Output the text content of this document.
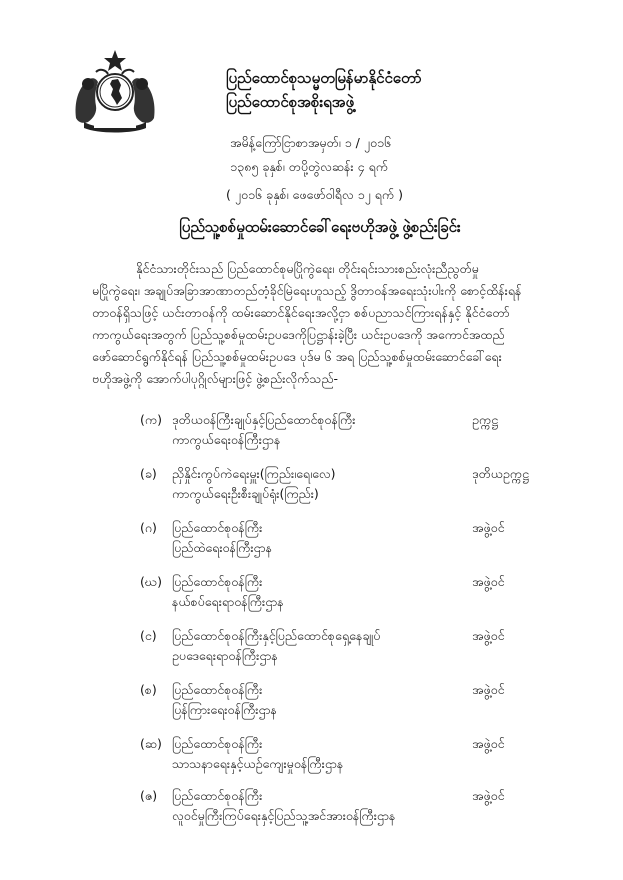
ပြည်ထောင်စုသမ္မတမြန်မာနိုင်ငံတော်
ပြည်ထောင်စုအစိုးရအဖွဲ့
အမိန့်ကြော်ငြာစာအမှတ်၊ ၁ / ၂၀၁၆
၁၃၈၅ ခုနှစ်၊ တပို့တွဲလဆန်း ၄ ရက်
( ၂၀၁၆ ခုနှစ်၊ ဖေဖော်ဝါရီလ ၁၂ ရက် )
ပြည်သူ့စစ်မှုထမ်းဆောင်ခေါ်ရေးဗဟိုအဖွဲ့ ဖွဲ့စည်းခြင်း
နိုင်ငံသားတိုင်းသည် ပြည်ထောင်စုမပြိုကွဲရေး၊ တိုင်းရင်းသားစည်းလုံးညီညွတ်မှု
မပြိုကွဲရေး၊ အချုပ်အခြာအာဏာတည်တံ့ခိုင်မြဲရေးဟူသည့် ဒွိတာဝန်အရေးသုံးပါးကို စောင့်ထိန်းရန်
တာဝန်ရှိသဖြင့် ယင်းတာဝန်ကို ထမ်းဆောင်နိုင်ရေးအလို့ငှာ စစ်ပညာသင်ကြားရန်နှင့် နိုင်ငံတော်
ကာကွယ်ရေးအတွက် ပြည်သူ့စစ်မှုထမ်းဥပဒေကိုပြဋ္ဌာန်းခဲ့ပြီး ယင်းဥပဒေကို အကောင်အထည်
ဖော်ဆောင်ရွက်နိုင်ရန် ပြည်သူ့စစ်မှုထမ်းဥပဒေ ပုဒ်မ ၆ အရ ပြည်သူ့စစ်မှုထမ်းဆောင်ခေါ်ရေး
ဗဟိုအဖွဲ့ကို အောက်ပါပုဂ္ဂိုလ်များဖြင့် ဖွဲ့စည်းလိုက်သည်-
(က) ဒုတိယဝန်ကြီးချုပ်နှင့်ပြည်ထောင်စုဝန်ကြီး
ကာကွယ်ရေးဝန်ကြီးဌာန
ဥက္ကဋ္ဌ
(ခ) ညှိနှိုင်းကွပ်ကဲရေးမှူး(ကြည်း၊ရေ၊လေ)
ကာကွယ်ရေးဦးစီးချုပ်ရုံး(ကြည်း)
ဒုတိယဥက္ကဋ္ဌ
(ဂ) ပြည်ထောင်စုဝန်ကြီး
ပြည်ထဲရေးဝန်ကြီးဌာန
အဖွဲ့ဝင်
(ဃ) ပြည်ထောင်စုဝန်ကြီး
နယ်စပ်ရေးရာဝန်ကြီးဌာန
အဖွဲ့ဝင်
(င) ပြည်ထောင်စုဝန်ကြီးနှင့်ပြည်ထောင်စုရှေ့နေချုပ်
ဥပဒေရေးရာဝန်ကြီးဌာန
အဖွဲ့ဝင်
(စ) ပြည်ထောင်စုဝန်ကြီး
ပြန်ကြားရေးဝန်ကြီးဌာန
အဖွဲ့ဝင်
(ဆ) ပြည်ထောင်စုဝန်ကြီး
သာသနာရေးနှင့်ယဉ်ကျေးမှုဝန်ကြီးဌာန
အဖွဲ့ဝင်
(ဇ) ပြည်ထောင်စုဝန်ကြီး
လူဝင်မှုကြီးကြပ်ရေးနှင့်ပြည်သူ့အင်အားဝန်ကြီးဌာန
အဖွဲ့ဝင်
